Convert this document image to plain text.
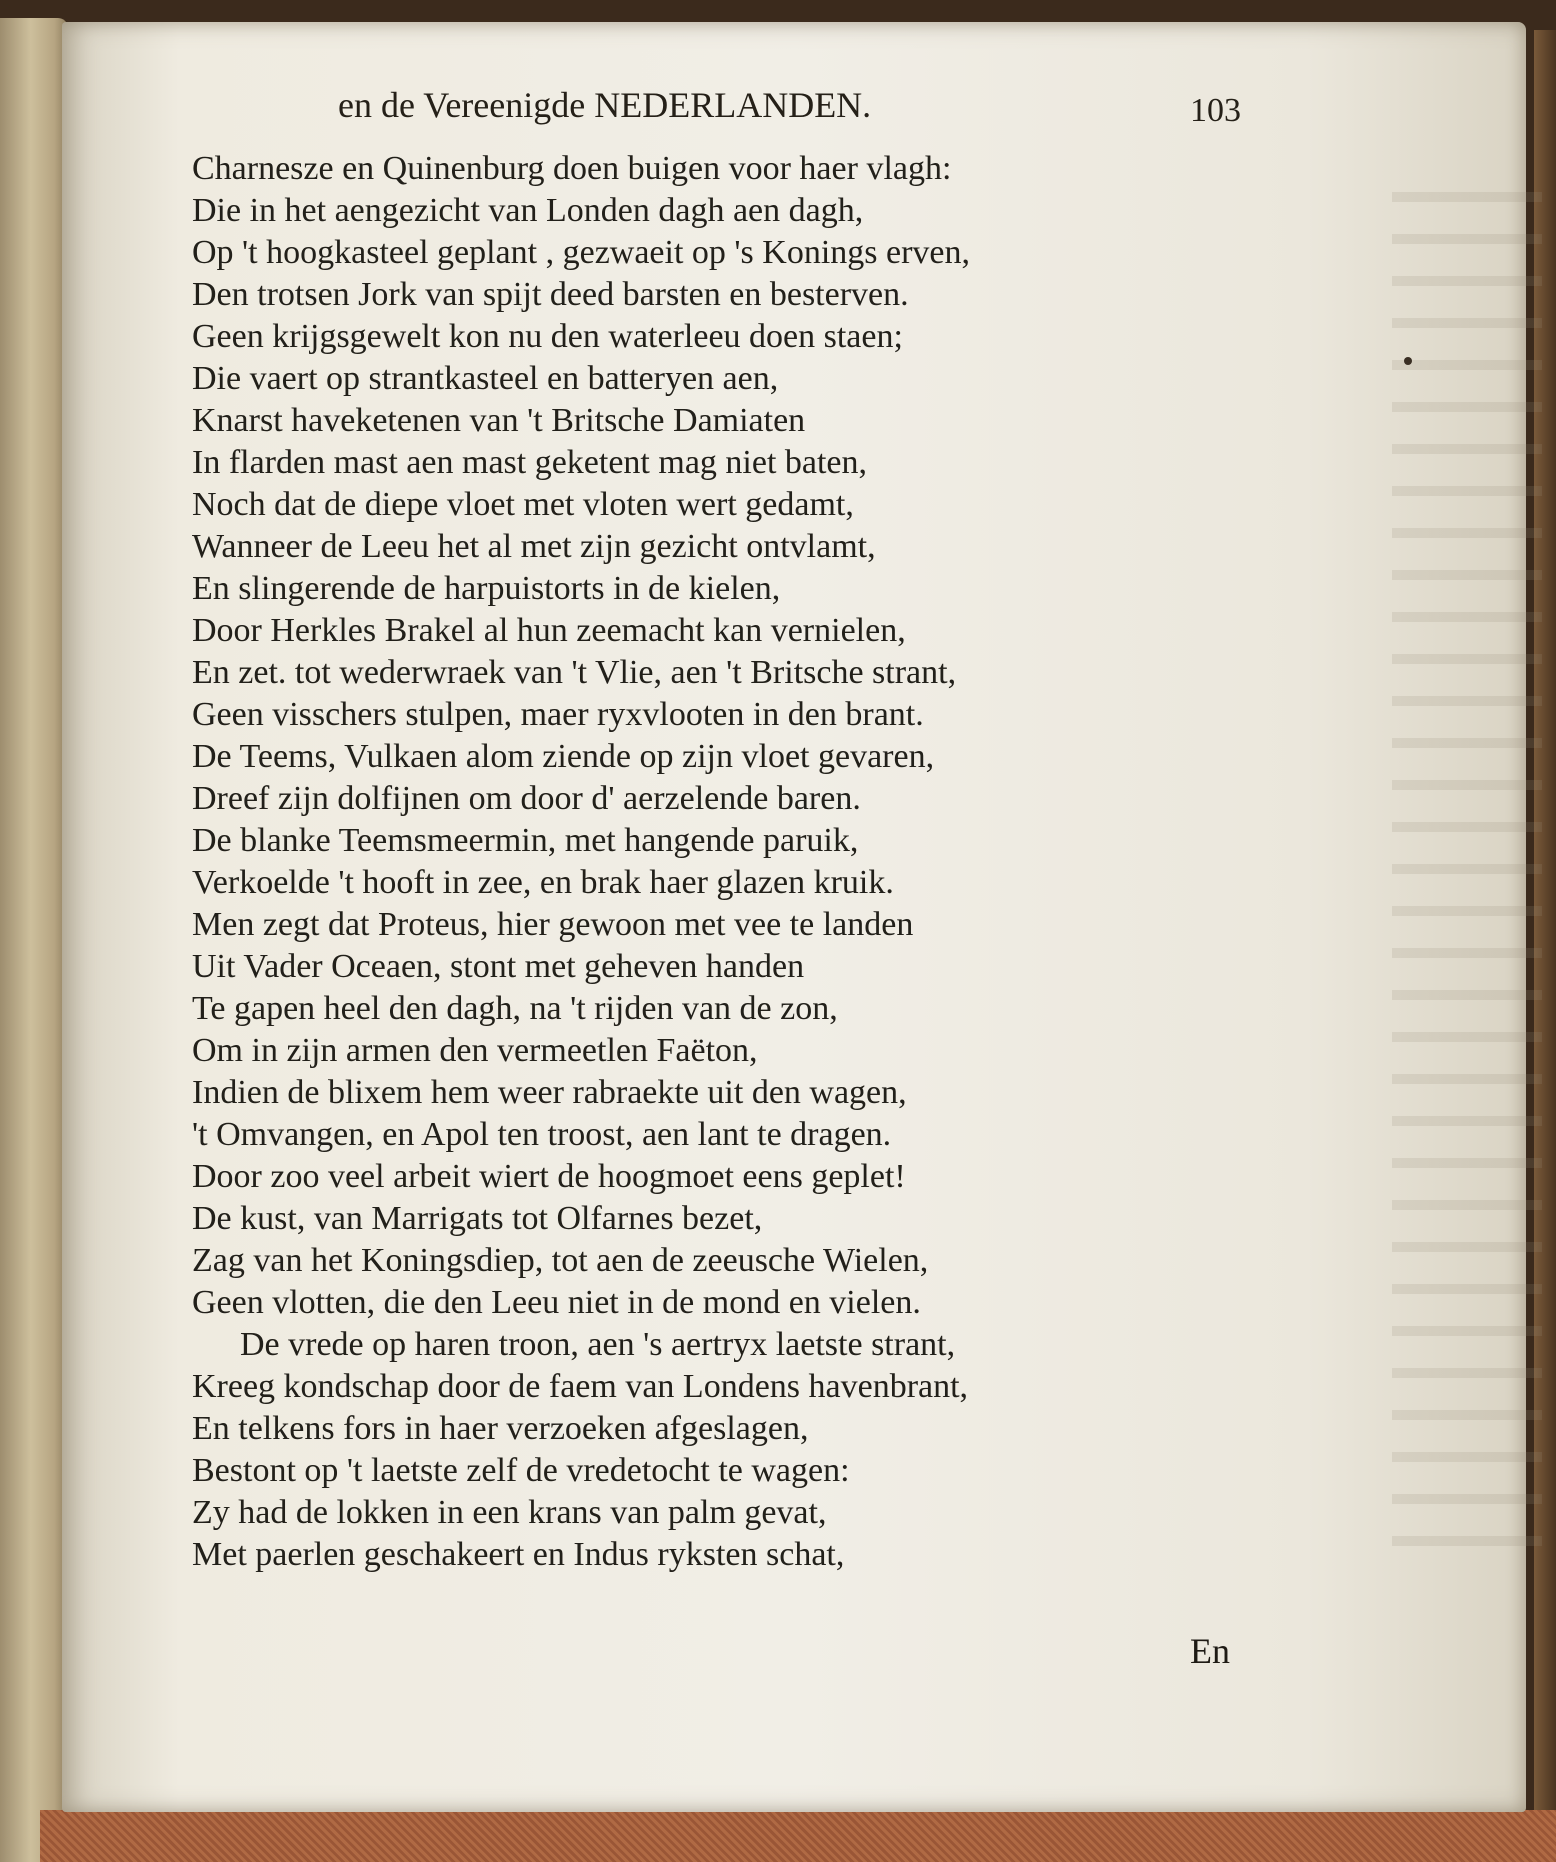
en de Vereenigde NEDERLANDEN.	103
Charnesze en Quinenburg doen buigen voor haer vlagh:
Die in het aengezicht van Londen dagh aen dagh,
Op 't hoogkasteel geplant , gezwaeit op 's Konings erven,
Den trotsen Jork van spijt deed barsten en besterven.
Geen krijgsgewelt kon nu den waterleeu doen staen;
Die vaert op strantkasteel en batteryen aen,
Knarst haveketenen van 't Britsche Damiaten
In flarden mast aen mast geketent mag niet baten,
Noch dat de diepe vloet met vloten wert gedamt,
Wanneer de Leeu het al met zijn gezicht ontvlamt,
En slingerende de harpuistorts in de kielen,
Door Herkles Brakel al hun zeemacht kan vernielen,
En zet. tot wederwraek van 't Vlie, aen 't Britsche strant,
Geen visschers stulpen, maer ryxvlooten in den brant.
De Teems, Vulkaen alom ziende op zijn vloet gevaren,
Dreef zijn dolfijnen om door d' aerzelende baren.
De blanke Teemsmeermin, met hangende paruik,
Verkoelde 't hooft in zee, en brak haer glazen kruik.
Men zegt dat Proteus, hier gewoon met vee te landen
Uit Vader Oceaen, stont met geheven handen
Te gapen heel den dagh, na 't rijden van de zon,
Om in zijn armen den vermeetlen Faëton,
Indien de blixem hem weer rabraekte uit den wagen,
't Omvangen, en Apol ten troost, aen lant te dragen.
Door zoo veel arbeit wiert de hoogmoet eens geplet!
De kust, van Marrigats tot Olfarnes bezet,
Zag van het Koningsdiep, tot aen de zeeusche Wielen,
Geen vlotten, die den Leeu niet in de mond en vielen.
De vrede op haren troon, aen 's aertryx laetste strant,
Kreeg kondschap door de faem van Londens havenbrant,
En telkens fors in haer verzoeken afgeslagen,
Bestont op 't laetste zelf de vredetocht te wagen:
Zy had de lokken in een krans van palm gevat,
Met paerlen geschakeert en Indus ryksten schat,
En
